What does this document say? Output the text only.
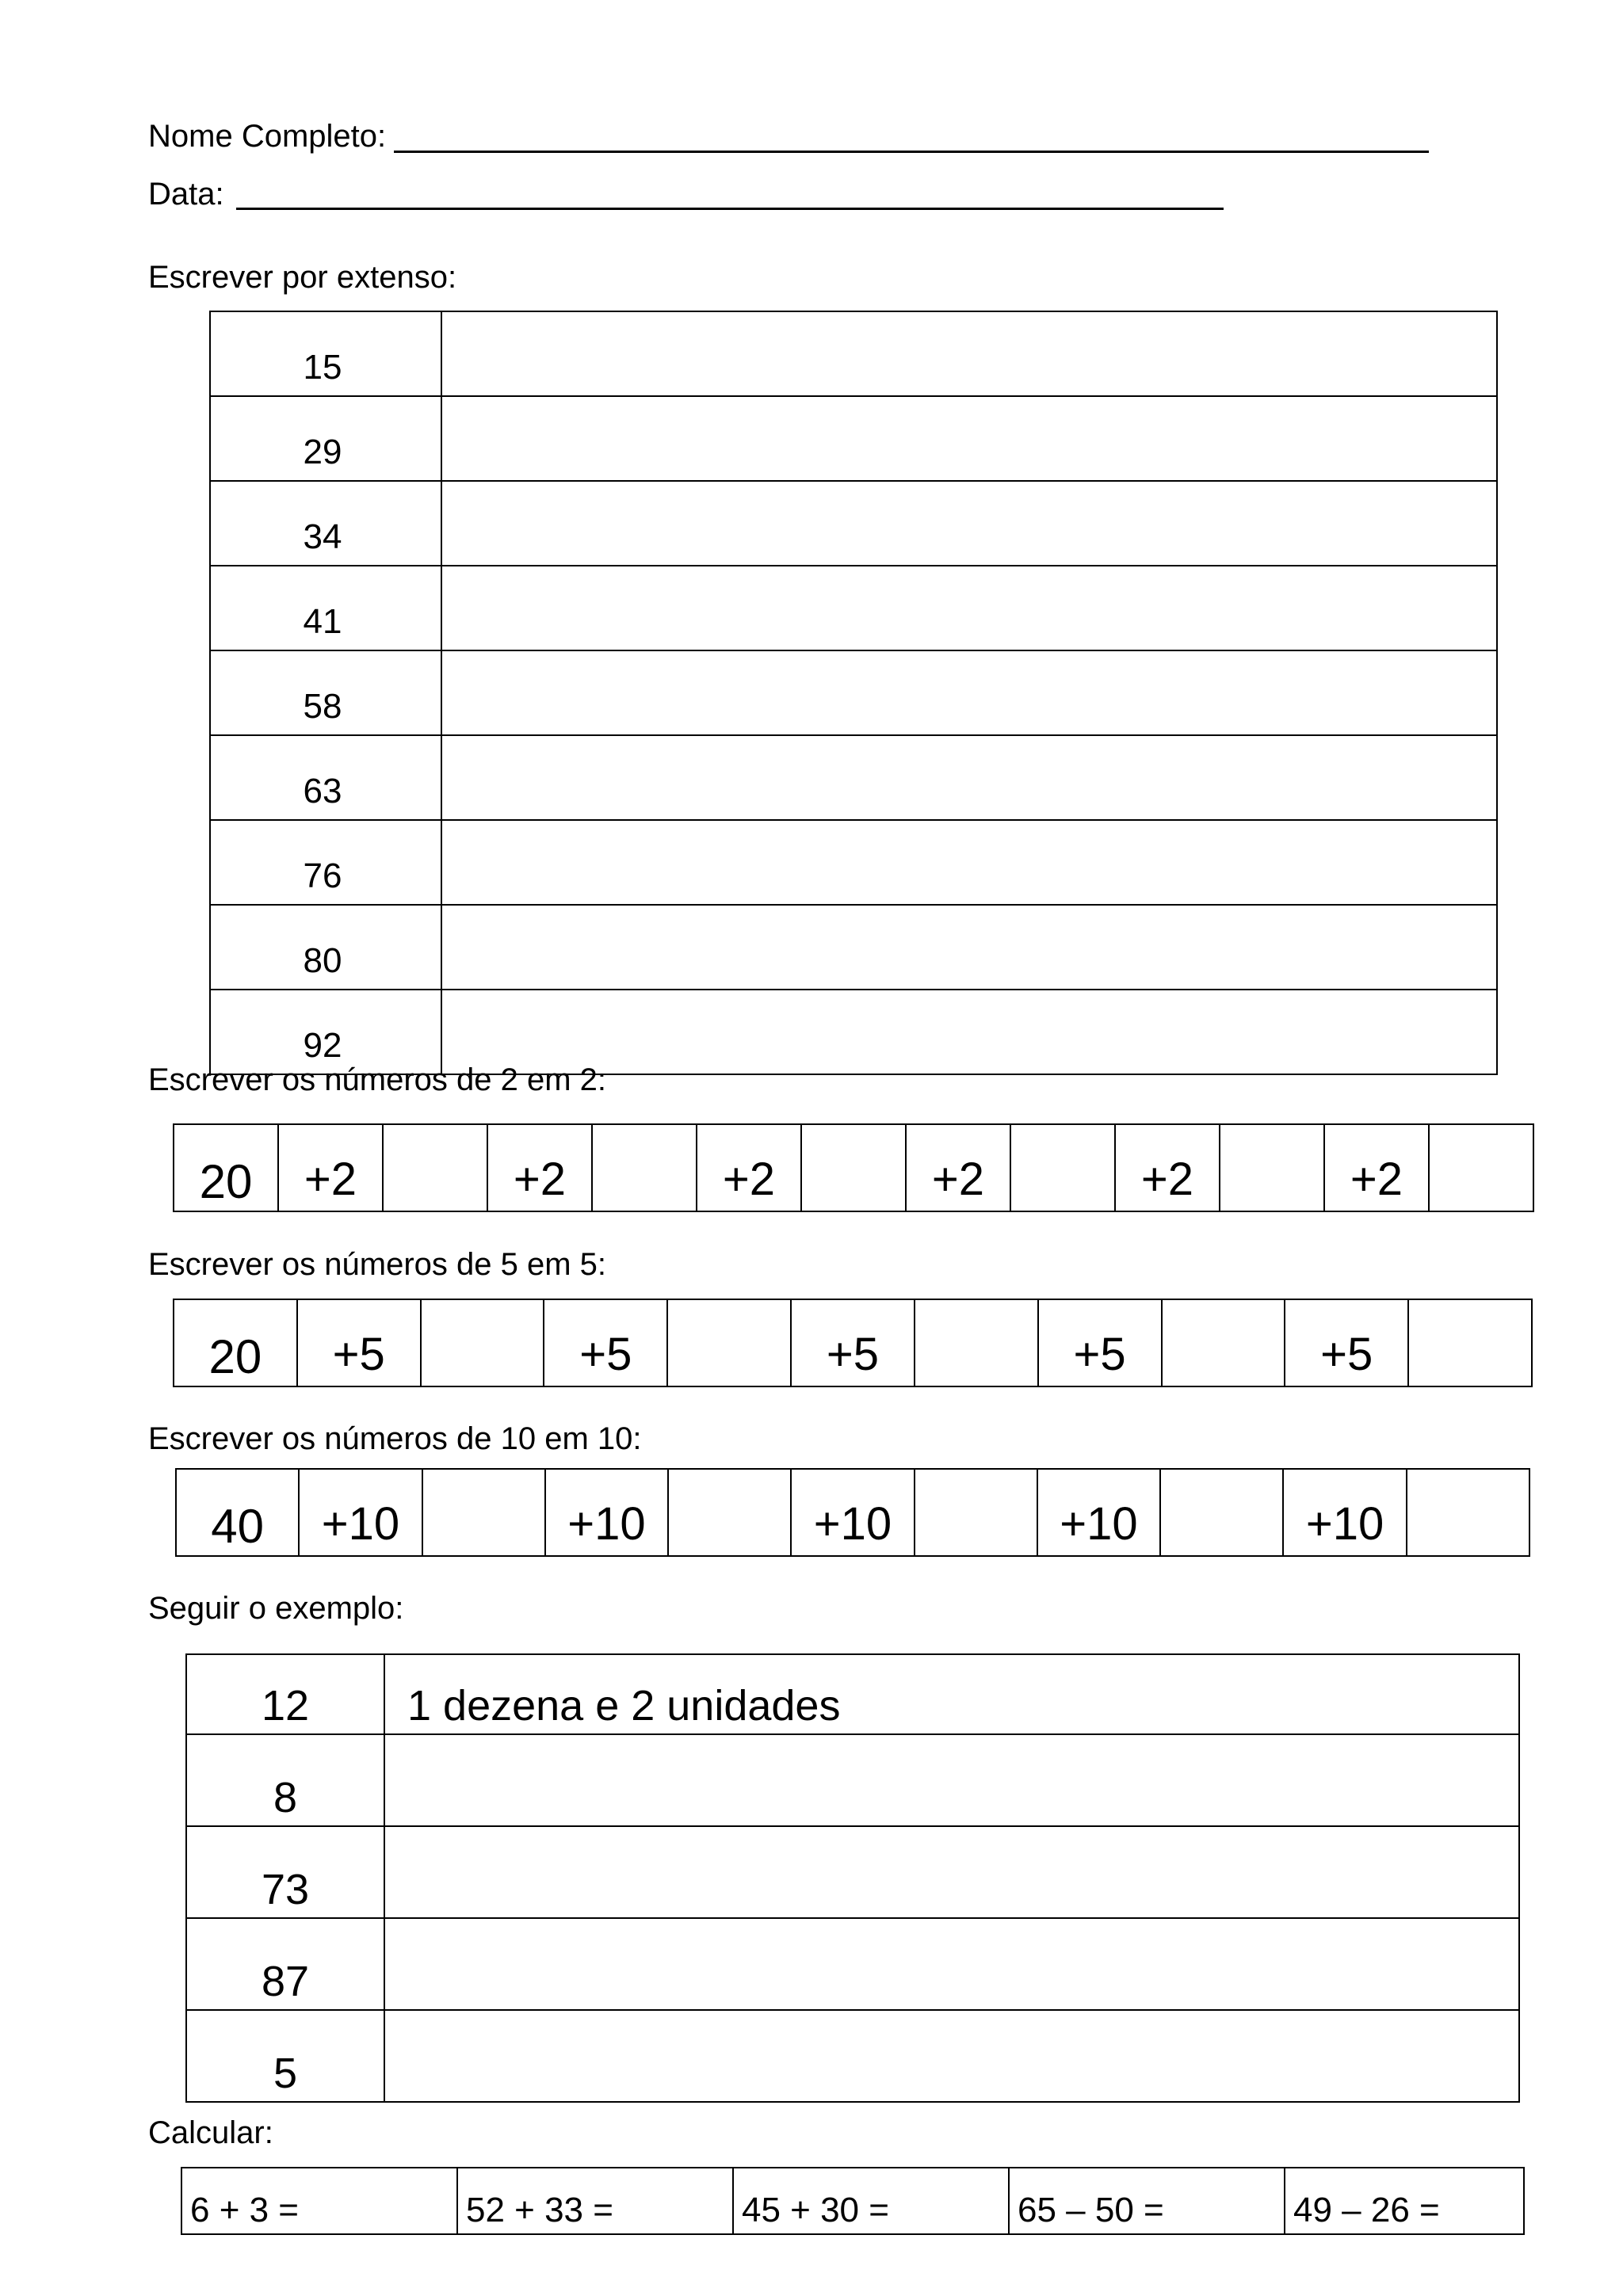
Nome Completo:
Data:
Escrever por extenso:
15	
29	
34	
41	
58	
63	
76	
80	
92	
Escrever os números de 2 em 2:
20	+2		+2		+2		+2		+2		+2	
Escrever os números de 5 em 5:
20	+5		+5		+5		+5		+5	
Escrever os números de 10 em 10:
40	+10		+10		+10		+10		+10	
Seguir o exemplo:
12	1 dezena e 2 unidades
8	
73	
87	
5	
Calcular:
6 + 3 =	52 + 33 =	45 + 30 =	65 – 50 =	49 – 26 =
